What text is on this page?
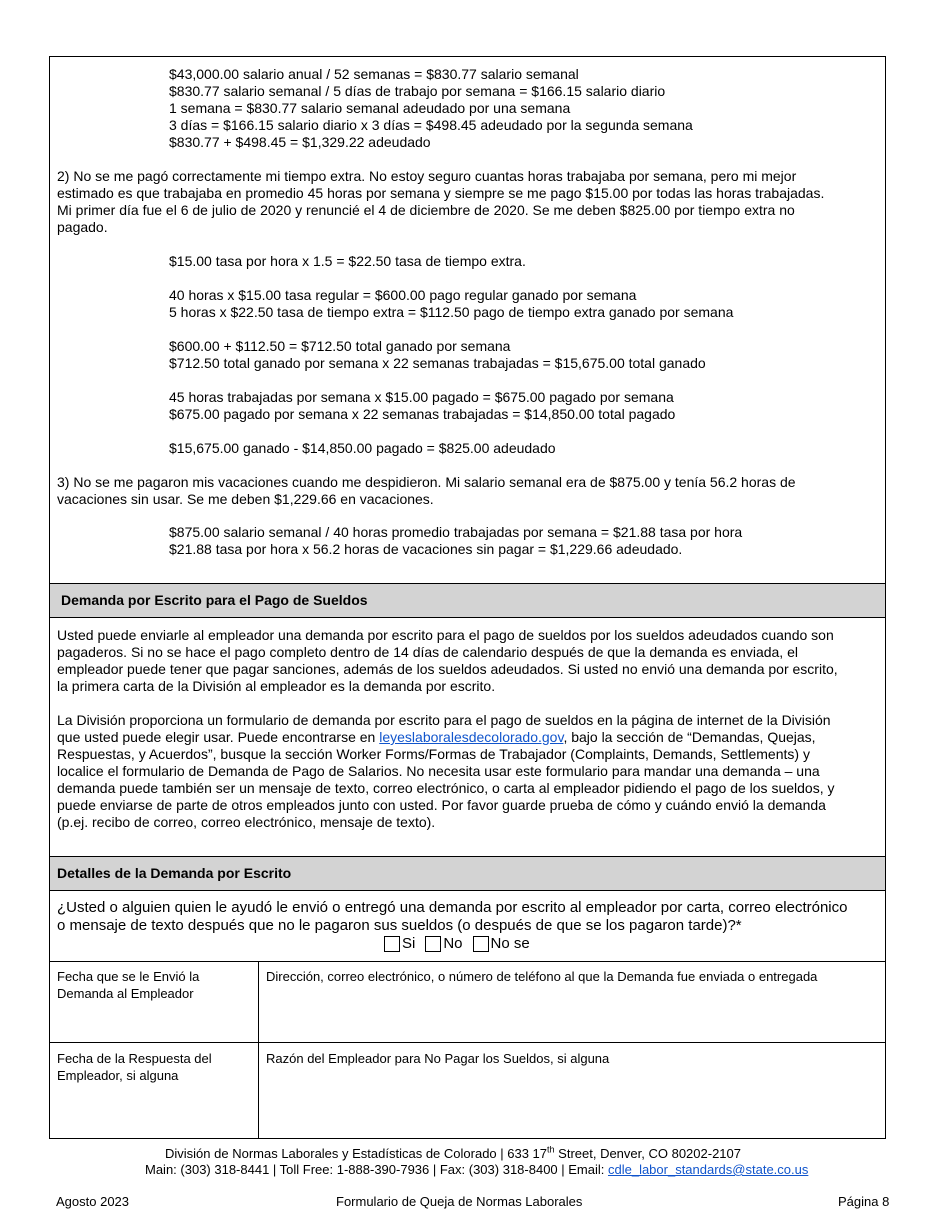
$43,000.00 salario anual / 52 semanas = $830.77 salario semanal
$830.77 salario semanal / 5 días de trabajo por semana = $166.15 salario diario
1 semana = $830.77 salario semanal adeudado por una semana
3 días = $166.15 salario diario x 3 días = $498.45 adeudado por la segunda semana
$830.77 + $498.45 = $1,329.22 adeudado
2) No se me pagó correctamente mi tiempo extra. No estoy seguro cuantas horas trabajaba por semana, pero mi mejor
estimado es que trabajaba en promedio 45 horas por semana y siempre se me pago $15.00 por todas las horas trabajadas.
Mi primer día fue el 6 de julio de 2020 y renuncié el 4 de diciembre de 2020. Se me deben $825.00 por tiempo extra no
pagado.
$15.00 tasa por hora x 1.5 = $22.50 tasa de tiempo extra.
40 horas x $15.00 tasa regular = $600.00 pago regular ganado por semana
5 horas x $22.50 tasa de tiempo extra = $112.50 pago de tiempo extra ganado por semana
$600.00 + $112.50 = $712.50 total ganado por semana
$712.50 total ganado por semana x 22 semanas trabajadas = $15,675.00 total ganado
45 horas trabajadas por semana x $15.00 pagado = $675.00 pagado por semana
$675.00 pagado por semana x 22 semanas trabajadas = $14,850.00 total pagado
$15,675.00 ganado - $14,850.00 pagado = $825.00 adeudado
3) No se me pagaron mis vacaciones cuando me despidieron. Mi salario semanal era de $875.00 y tenía 56.2 horas de
vacaciones sin usar. Se me deben $1,229.66 en vacaciones.
$875.00 salario semanal / 40 horas promedio trabajadas por semana = $21.88 tasa por hora
$21.88 tasa por hora x 56.2 horas de vacaciones sin pagar = $1,229.66 adeudado.
Demanda por Escrito para el Pago de Sueldos
Usted puede enviarle al empleador una demanda por escrito para el pago de sueldos por los sueldos adeudados cuando son
pagaderos. Si no se hace el pago completo dentro de 14 días de calendario después de que la demanda es enviada, el
empleador puede tener que pagar sanciones, además de los sueldos adeudados. Si usted no envió una demanda por escrito,
la primera carta de la División al empleador es la demanda por escrito.
La División proporciona un formulario de demanda por escrito para el pago de sueldos en la página de internet de la División
que usted puede elegir usar. Puede encontrarse en leyeslaboralesdecolorado.gov, bajo la sección de “Demandas, Quejas,
Respuestas, y Acuerdos”, busque la sección Worker Forms/Formas de Trabajador (Complaints, Demands, Settlements) y
localice el formulario de Demanda de Pago de Salarios. No necesita usar este formulario para mandar una demanda – una
demanda puede también ser un mensaje de texto, correo electrónico, o carta al empleador pidiendo el pago de los sueldos, y
puede enviarse de parte de otros empleados junto con usted. Por favor guarde prueba de cómo y cuándo envió la demanda
(p.ej. recibo de correo, correo electrónico, mensaje de texto).
Detalles de la Demanda por Escrito
¿Usted o alguien quien le ayudó le envió o entregó una demanda por escrito al empleador por carta, correo electrónico
o mensaje de texto después que no le pagaron sus sueldos (o después de que se los pagaron tarde)?*
Si No No se
Fecha que se le Envió la
Demanda al Empleador
Dirección, correo electrónico, o número de teléfono al que la Demanda fue enviada o entregada
Fecha de la Respuesta del
Empleador, si alguna
Razón del Empleador para No Pagar los Sueldos, si alguna
División de Normas Laborales y Estadísticas de Colorado | 633 17th Street, Denver, CO 80202-2107
Main: (303) 318-8441 | Toll Free: 1-888-390-7936 | Fax: (303) 318-8400 | Email: cdle_labor_standards@state.co.us
Agosto 2023	Formulario de Queja de Normas Laborales	Página 8
